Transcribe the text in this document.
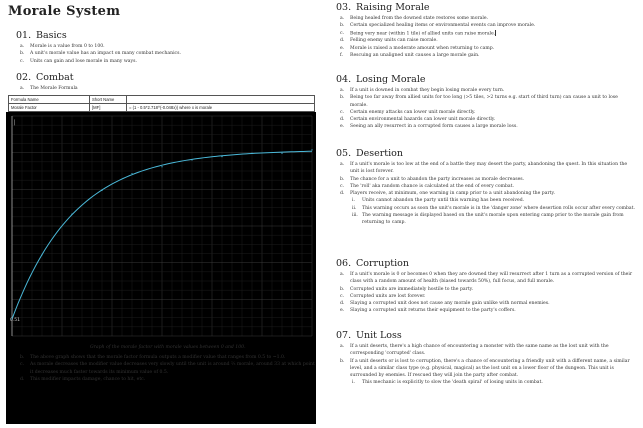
Morale System
01. Basics
a. Morale is a value from 0 to 100.
b. A unit's morale value has an impact on many combat mechanics.
c. Units can gain and lose morale in many ways.
02. Combat
a. The Morale Formula
Formula Name	Short Name	
Morale Factor	[MF]	= (1 - 0.5*2.718^(-0.048x)) where x is morale
0.51
│
Graph of the morale factor with morale values between 0 and 100.
b. The above graph shows that the morale factor formula outputs a modifier value that ranges from 0.5 to ~1.0.
c. As morale decreases the modifier value decreases very slowly until the unit is around ⅔ morale, around 33 at which point it decreases much faster towards its minimum value of 0.5.
d. This modifier impacts damage, chance to hit, etc.
03. Raising Morale
a. Being healed from the downed state restores some morale.
b. Certain specialized healing items or environmental events can improve morale.
c. Being very near (within 1 tile) of allied units can raise morale.
d. Felling enemy units can raise morale.
e. Morale is raised a moderate amount when returning to camp.
f. Rescuing an unaligned unit causes a large morale gain.
04. Losing Morale
a. If a unit is downed in combat they begin losing morale every turn.
b. Being too far away from allied units for too long (>5 tiles, >2 turns e.g. start of third turn) can cause a unit to lose morale.
c. Certain enemy attacks can lower unit morale directly.
d. Certain environmental hazards can lower unit morale directly.
e. Seeing an ally resurrect in a corrupted form causes a large morale loss.
05. Desertion
a. If a unit's morale is too low at the end of a battle they may desert the party, abandoning the quest. In this situation the unit is lost forever.
b. The chance for a unit to abandon the party increases as morale decreases.
c. The 'roll' aka random chance is calculated at the end of every combat.
d. Players receive, at minimum, one warning in camp prior to a unit abandoning the party.
i. Units cannot abandon the party until this warning has been received.
ii. This warning occurs as soon the unit's morale is in the 'danger zone' where desertion rolls occur after every combat.
iii. The warning message is displayed based on the unit's morale upon entering camp prior to the morale gain from returning to camp.
06. Corruption
a. If a unit's morale is 0 or becomes 0 when they are downed they will resurrect after 1 turn as a corrupted version of their class with a random amount of health (biased towards 50%), full focus, and full morale.
b. Corrupted units are immediately hostile to the party.
c. Corrupted units are lost forever.
d. Slaying a corrupted unit does not cause any morale gain unlike with normal enemies.
e. Slaying a corrupted unit returns their equipment to the party's coffers.
07. Unit Loss
a. If a unit deserts, there's a high chance of encountering a monster with the same name as the lost unit with the corresponding 'corrupted' class.
b. If a unit deserts or is lost to corruption, there's a chance of encountering a friendly unit with a different name, a similar level, and a similar class type (e.g. physical, magical) as the lost unit on a lower floor of the dungeon. This unit is surrounded by enemies. If rescued they will join the party after combat.
i. This mechanic is explicitly to slow the 'death spiral' of losing units in combat.
